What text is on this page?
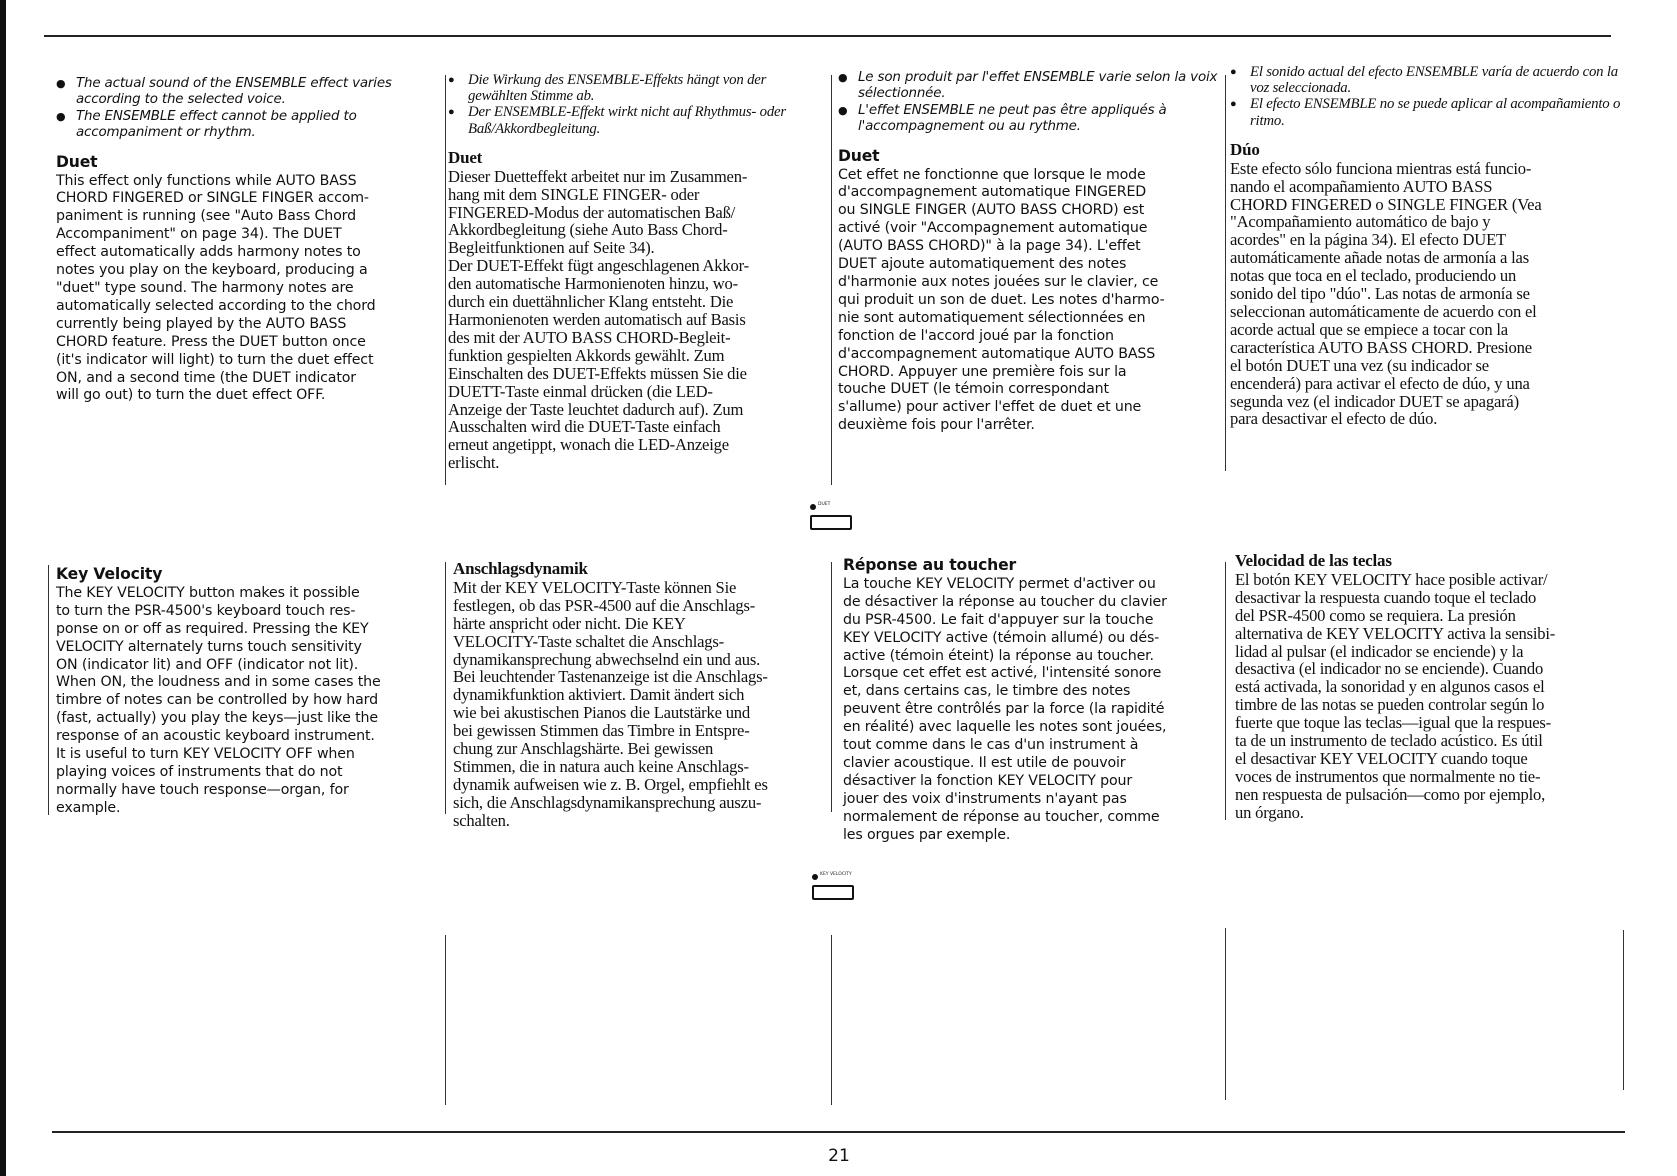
● The actual sound of the ENSEMBLE effect varies according to the selected voice.
● The ENSEMBLE effect cannot be applied to accompaniment or rhythm.
Duet

This effect only functions while AUTO BASS
CHORD FINGERED or SINGLE FINGER accom-
paniment is running (see "Auto Bass Chord
Accompaniment" on page 34). The DUET
effect automatically adds harmony notes to
notes you play on the keyboard, producing a
"duet" type sound. The harmony notes are
automatically selected according to the chord
currently being played by the AUTO BASS
CHORD feature. Press the DUET button once
(it's indicator will light) to turn the duet effect
ON, and a second time (the DUET indicator
will go out) to turn the duet effect OFF.

● Die Wirkung des ENSEMBLE-Effekts hängt von der gewählten Stimme ab.
● Der ENSEMBLE-Effekt wirkt nicht auf Rhythmus- oder Baß/Akkordbegleitung.
Duet

Dieser Duetteffekt arbeitet nur im Zusammen-
hang mit dem SINGLE FINGER- oder
FINGERED-Modus der automatischen Baß/
Akkordbegleitung (siehe Auto Bass Chord-
Begleitfunktionen auf Seite 34).
Der DUET-Effekt fügt angeschlagenen Akkor-
den automatische Harmonienoten hinzu, wo-
durch ein duettähnlicher Klang entsteht. Die
Harmonienoten werden automatisch auf Basis
des mit der AUTO BASS CHORD-Begleit-
funktion gespielten Akkords gewählt. Zum
Einschalten des DUET-Effekts müssen Sie die
DUETT-Taste einmal drücken (die LED-
Anzeige der Taste leuchtet dadurch auf). Zum
Ausschalten wird die DUET-Taste einfach
erneut angetippt, wonach die LED-Anzeige
erlischt.

● Le son produit par l'effet ENSEMBLE varie selon la voix sélectionnée.
● L'effet ENSEMBLE ne peut pas être appliqués à l'accompagnement ou au rythme.
Duet

Cet effet ne fonctionne que lorsque le mode
d'accompagnement automatique FINGERED
ou SINGLE FINGER (AUTO BASS CHORD) est
activé (voir "Accompagnement automatique
(AUTO BASS CHORD)" à la page 34). L'effet
DUET ajoute automatiquement des notes
d'harmonie aux notes jouées sur le clavier, ce
qui produit un son de duet. Les notes d'harmo-
nie sont automatiquement sélectionnées en
fonction de l'accord joué par la fonction
d'accompagnement automatique AUTO BASS
CHORD. Appuyer une première fois sur la
touche DUET (le témoin correspondant
s'allume) pour activer l'effet de duet et une
deuxième fois pour l'arrêter.

● El sonido actual del efecto ENSEMBLE varía de acuerdo con la voz seleccionada.
● El efecto ENSEMBLE no se puede aplicar al acompañamiento o ritmo.
Dúo

Este efecto sólo funciona mientras está funcio-
nando el acompañamiento AUTO BASS
CHORD FINGERED o SINGLE FINGER (Vea
"Acompañamiento automático de bajo y
acordes" en la página 34). El efecto DUET
automáticamente añade notas de armonía a las
notas que toca en el teclado, produciendo un
sonido del tipo "dúo". Las notas de armonía se
seleccionan automáticamente de acuerdo con el
acorde actual que se empiece a tocar con la
característica AUTO BASS CHORD. Presione
el botón DUET una vez (su indicador se
encenderá) para activar el efecto de dúo, y una
segunda vez (el indicador DUET se apagará)
para desactivar el efecto de dúo.

DUET
Key Velocity

The KEY VELOCITY button makes it possible
to turn the PSR-4500's keyboard touch res-
ponse on or off as required. Pressing the KEY
VELOCITY alternately turns touch sensitivity
ON (indicator lit) and OFF (indicator not lit).
When ON, the loudness and in some cases the
timbre of notes can be controlled by how hard
(fast, actually) you play the keys—just like the
response of an acoustic keyboard instrument.
It is useful to turn KEY VELOCITY OFF when
playing voices of instruments that do not
normally have touch response—organ, for
example.

Anschlagsdynamik

Mit der KEY VELOCITY-Taste können Sie
festlegen, ob das PSR-4500 auf die Anschlags-
härte anspricht oder nicht. Die KEY
VELOCITY-Taste schaltet die Anschlags-
dynamikansprechung abwechselnd ein und aus.
Bei leuchtender Tastenanzeige ist die Anschlags-
dynamikfunktion aktiviert. Damit ändert sich
wie bei akustischen Pianos die Lautstärke und
bei gewissen Stimmen das Timbre in Entspre-
chung zur Anschlagshärte. Bei gewissen
Stimmen, die in natura auch keine Anschlags-
dynamik aufweisen wie z. B. Orgel, empfiehlt es
sich, die Anschlagsdynamikansprechung auszu-
schalten.

Réponse au toucher

La touche KEY VELOCITY permet d'activer ou
de désactiver la réponse au toucher du clavier
du PSR-4500. Le fait d'appuyer sur la touche
KEY VELOCITY active (témoin allumé) ou dés-
active (témoin éteint) la réponse au toucher.
Lorsque cet effet est activé, l'intensité sonore
et, dans certains cas, le timbre des notes
peuvent être contrôlés par la force (la rapidité
en réalité) avec laquelle les notes sont jouées,
tout comme dans le cas d'un instrument à
clavier acoustique. Il est utile de pouvoir
désactiver la fonction KEY VELOCITY pour
jouer des voix d'instruments n'ayant pas
normalement de réponse au toucher, comme
les orgues par exemple.

Velocidad de las teclas

El botón KEY VELOCITY hace posible activar/
desactivar la respuesta cuando toque el teclado
del PSR-4500 como se requiera. La presión
alternativa de KEY VELOCITY activa la sensibi-
lidad al pulsar (el indicador se enciende) y la
desactiva (el indicador no se enciende). Cuando
está activada, la sonoridad y en algunos casos el
timbre de las notas se pueden controlar según lo
fuerte que toque las teclas—igual que la respues-
ta de un instrumento de teclado acústico. Es útil
el desactivar KEY VELOCITY cuando toque
voces de instrumentos que normalmente no tie-
nen respuesta de pulsación—como por ejemplo,
un órgano.

KEY VELOCITY
21
